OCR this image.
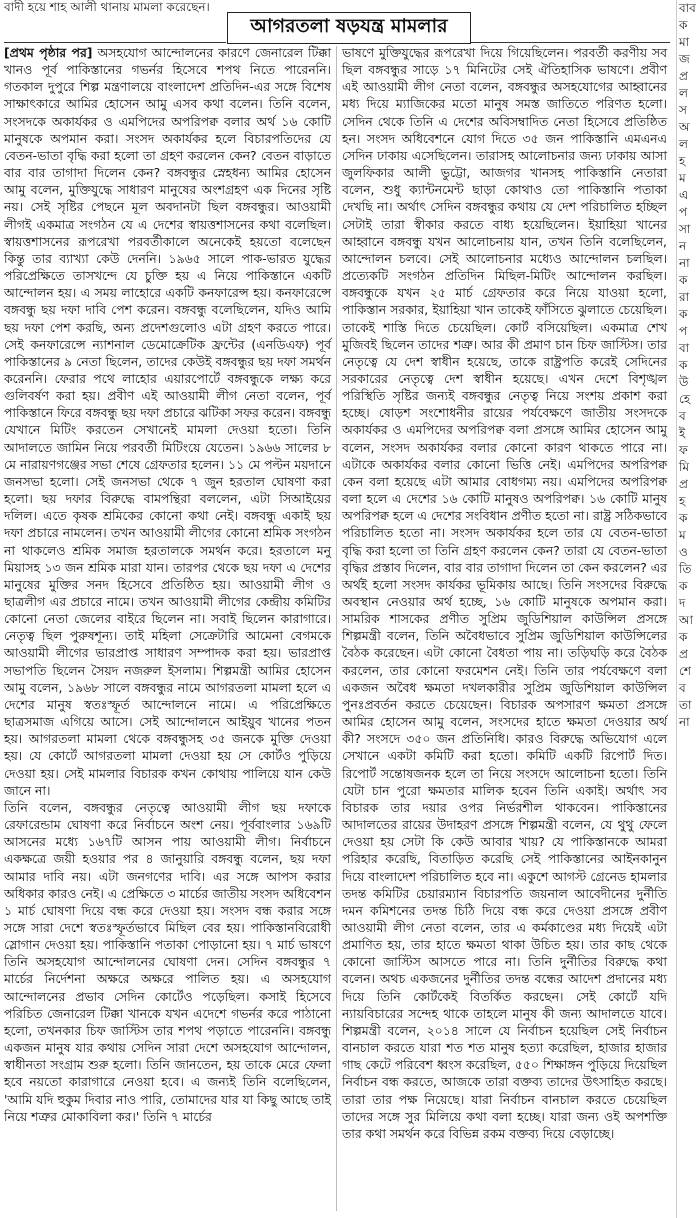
বাদী হয়ে শাহ আলী থানায় মামলা করেছেন।
আগরতলা ষড়যন্ত্র মামলার

[প্রথম পৃষ্ঠার পর] অসহযোগ আন্দোলনের কারণে জেনারেল টিক্কা খানও পূর্ব পাকিস্তানের গভর্নর হিসেবে শপথ নিতে পারেননি। গতকাল দুপুরে শিল্প মন্ত্রণালয়ে বাংলাদেশ প্রতিদিন-এর সঙ্গে বিশেষ সাক্ষাৎকারে আমির হোসেন আমু এসব কথা বলেন। তিনি বলেন, সংসদকে অকার্যকর ও এমপিদের অপরিপক্ব বলার অর্থ ১৬ কোটি মানুষকে অপমান করা। সংসদ অকার্যকর হলে বিচারপতিদের যে বেতন-ভাতা বৃদ্ধি করা হলো তা গ্রহণ করলেন কেন? বেতন বাড়াতে বার বার তাগাদা দিলেন কেন? বঙ্গবন্ধুর স্নেহধন্য আমির হোসেন আমু বলেন, মুক্তিযুদ্ধে সাধারণ মানুষের অংশগ্রহণ এক দিনের সৃষ্টি নয়। সেই সৃষ্টির পেছনে মূল অবদানটা ছিল বঙ্গবন্ধুর। আওয়ামী লীগই একমাত্র সংগঠন যে এ দেশের স্বায়ত্তশাসনের কথা বলেছিল। স্বায়ত্তশাসনের রূপরেখা পরবর্তীকালে অনেকেই হয়তো বলেছেন কিন্তু তার ব্যাখ্যা কেউ দেননি। ১৯৬৫ সালে পাক-ভারত যুদ্ধের পরিপ্রেক্ষিতে তাসখন্দে যে চুক্তি হয় এ নিয়ে পাকিস্তানে একটি আন্দোলন হয়। এ সময় লাহোরে একটি কনফারেন্স হয়। কনফারেন্সে বঙ্গবন্ধু ছয় দফা দাবি পেশ করেন। বঙ্গবন্ধু বলেছিলেন, যদিও আমি ছয় দফা পেশ করছি, অন্য প্রদেশগুলোও এটা গ্রহণ করতে পারে। সেই কনফারেন্সে ন্যাশনাল ডেমোক্রেটিক ফ্রন্টের (এনডিএফ) পূর্ব পাকিস্তানের ৯ নেতা ছিলেন, তাদের কেউই বঙ্গবন্ধুর ছয় দফা সমর্থন করেননি। ফেরার পথে লাহোর এয়ারপোর্টে বঙ্গবন্ধুকে লক্ষ্য করে গুলিবর্ষণ করা হয়। প্রবীণ এই আওয়ামী লীগ নেতা বলেন, পূর্ব পাকিস্তানে ফিরে বঙ্গবন্ধু ছয় দফা প্রচারে ঝটিকা সফর করেন। বঙ্গবন্ধু যেখানে মিটিং করতেন সেখানেই মামলা দেওয়া হতো। তিনি আদালতে জামিন নিয়ে পরবর্তী মিটিংয়ে যেতেন। ১৯৬৬ সালের ৮ মে নারায়ণগঞ্জের সভা শেষে গ্রেফতার হলেন। ১১ মে পল্টন ময়দানে জনসভা হলো। সেই জনসভা থেকে ৭ জুন হরতাল ঘোষণা করা হলো। ছয় দফার বিরুদ্ধে বামপন্থিরা বললেন, এটা সিআইয়ের দলিল। এতে কৃষক শ্রমিকের কোনো কথা নেই। বঙ্গবন্ধু একাই ছয় দফা প্রচারে নামলেন। তখন আওয়ামী লীগের কোনো শ্রমিক সংগঠন না থাকলেও শ্রমিক সমাজ হরতালকে সমর্থন করে। হরতালে মনু মিয়াসহ ১৩ জন শ্রমিক মারা যান। তারপর থেকে ছয় দফা এ দেশের মানুষের মুক্তির সনদ হিসেবে প্রতিষ্ঠিত হয়। আওয়ামী লীগ ও ছাত্রলীগ এর প্রচারে নামে। তখন আওয়ামী লীগের কেন্দ্রীয় কমিটির কোনো নেতা জেলের বাইরে ছিলেন না। সবাই ছিলেন কারাগারে। নেতৃত্ব ছিল পুরুষশূন্য। তাই মহিলা সেক্রেটারি আমেনা বেগমকে আওয়ামী লীগের ভারপ্রাপ্ত সাধারণ সম্পাদক করা হয়। ভারপ্রাপ্ত সভাপতি ছিলেন সৈয়দ নজরুল ইসলাম। শিল্পমন্ত্রী আমির হোসেন আমু বলেন, ১৯৬৮ সালে বঙ্গবন্ধুর নামে আগরতলা মামলা হলে এ দেশের মানুষ স্বতঃস্ফূর্ত আন্দোলনে নামে। এ পরিপ্রেক্ষিতে ছাত্রসমাজ এগিয়ে আসে। সেই আন্দোলনে আইয়ুব খানের পতন হয়। আগরতলা মামলা থেকে বঙ্গবন্ধুসহ ৩৫ জনকে মুক্তি দেওয়া হয়। যে কোর্টে আগরতলা মামলা দেওয়া হয় সে কোর্টও পুড়িয়ে দেওয়া হয়। সেই মামলার বিচারক কখন কোথায় পালিয়ে যান কেউ জানে না।

তিনি বলেন, বঙ্গবন্ধুর নেতৃত্বে আওয়ামী লীগ ছয় দফাকে রেফারেন্ডাম ঘোষণা করে নির্বাচনে অংশ নেয়। পূর্ববাংলার ১৬৯টি আসনের মধ্যে ১৬৭টি আসন পায় আওয়ামী লীগ। নির্বাচনে একক্ষত্রে জয়ী হওয়ার পর ৪ জানুয়ারি বঙ্গবন্ধু বলেন, ছয় দফা আমার দাবি নয়। এটা জনগণের দাবি। এর সঙ্গে আপস করার অধিকার কারও নেই। এ প্রেক্ষিতে ৩ মার্চের জাতীয় সংসদ অধিবেশন ১ মার্চ ঘোষণা দিয়ে বন্ধ করে দেওয়া হয়। সংসদ বন্ধ করার সঙ্গে সঙ্গে সারা দেশে স্বতঃস্ফূর্তভাবে মিছিল বের হয়। পাকিস্তানবিরোধী স্লোগান দেওয়া হয়। পাকিস্তানি পতাকা পোড়ানো হয়। ৭ মার্চ ভাষণে তিনি অসহযোগ আন্দোলনের ঘোষণা দেন। সেদিন বঙ্গবন্ধুর ৭ মার্চের নির্দেশনা অক্ষরে অক্ষরে পালিত হয়। এ অসহযোগ আন্দোলনের প্রভাব সেদিন কোর্টেও পড়েছিল। কসাই হিসেবে পরিচিত জেনারেল টিক্কা খানকে যখন এদেশে গভর্নর করে পাঠানো হলো, তখনকার চিফ জাস্টিস তার শপথ পড়াতে পারেননি। বঙ্গবন্ধু একজন মানুষ যার কথায় সেদিন সারা দেশে অসহযোগ আন্দোলন, স্বাধীনতা সংগ্রাম শুরু হলো। তিনি জানতেন, হয় তাকে মেরে ফেলা হবে নয়তো কারাগারে নেওয়া হবে। এ জন্যই তিনি বলেছিলেন, 'আমি যদি হুকুম দিবার নাও পারি, তোমাদের যার যা কিছু আছে তাই নিয়ে শত্রুর মোকাবিলা কর।' তিনি ৭ মার্চের

ভাষণে মুক্তিযুদ্ধের রূপরেখা দিয়ে গিয়েছিলেন। পরবর্তী করণীয় সব ছিল বঙ্গবন্ধুর সাড়ে ১৭ মিনিটের সেই ঐতিহাসিক ভাষণে। প্রবীণ এই আওয়ামী লীগ নেতা বলেন, বঙ্গবন্ধুর অসহযোগের আহ্বানের মধ্য দিয়ে ম্যাজিকের মতো মানুষ সমস্ত জাতিতে পরিণত হলো। সেদিন থেকে তিনি এ দেশের অবিসম্বাদিত নেতা হিসেবে প্রতিষ্ঠিত হন। সংসদ অধিবেশনে যোগ দিতে ৩৫ জন পাকিস্তানি এমএনএ সেদিন ঢাকায় এসেছিলেন। তারাসহ আলোচনার জন্য ঢাকায় আসা জুলফিকার আলী ভুট্টো, আজগর খানসহ পাকিস্তানি নেতারা বলেন, শুধু ক্যান্টনমেন্ট ছাড়া কোথাও তো পাকিস্তানি পতাকা দেখছি না। অর্থাৎ সেদিন বঙ্গবন্ধুর কথায় যে দেশ পরিচালিত হচ্ছিল সেটাই তারা স্বীকার করতে বাধ্য হয়েছিলেন। ইয়াহিয়া খানের আহ্বানে বঙ্গবন্ধু যখন আলোচনায় যান, তখন তিনি বলেছিলেন, আন্দোলন চলবে। সেই আলোচনার মধ্যেও আন্দোলন চলছিল। প্রত্যেকটি সংগঠন প্রতিদিন মিছিল-মিটিং আন্দোলন করছিল। বঙ্গবন্ধুকে যখন ২৫ মার্চ গ্রেফতার করে নিয়ে যাওয়া হলো, পাকিস্তান সরকার, ইয়াহিয়া খান তাকেই ফাঁসিতে ঝুলাতে চেয়েছিল। তাকেই শাস্তি দিতে চেয়েছিল। কোর্ট বসিয়েছিল। একমাত্র শেখ মুজিবই ছিলেন তাদের শত্রু। আর কী প্রমাণ চান চিফ জাস্টিস। তার নেতৃত্বে যে দেশ স্বাধীন হয়েছে, তাকে রাষ্ট্রপতি করেই সেদিনের সরকারের নেতৃত্বে দেশ স্বাধীন হয়েছে। এখন দেশে বিশৃঙ্খল পরিস্থিতি সৃষ্টির জন্যই বঙ্গবন্ধুর নেতৃত্ব নিয়ে সংশয় প্রকাশ করা হচ্ছে। ষোড়শ সংশোধনীর রায়ের পর্যবেক্ষণে জাতীয় সংসদকে অকার্যকর ও এমপিদের অপরিপক্ব বলা প্রসঙ্গে আমির হোসেন আমু বলেন, সংসদ অকার্যকর বলার কোনো কারণ থাকতে পারে না। এটাকে অকার্যকর বলার কোনো ভিত্তি নেই। এমপিদের অপরিপক্ব কেন বলা হয়েছে এটা আমার বোধগম্য নয়। এমপিদের অপরিপক্ব বলা হলে এ দেশের ১৬ কোটি মানুষও অপরিপক্ব। ১৬ কোটি মানুষ অপরিপক্ব হলে এ দেশের সংবিধান প্রণীত হতো না। রাষ্ট্র সঠিকভাবে পরিচালিত হতো না। সংসদ অকার্যকর হলে তার যে বেতন-ভাতা বৃদ্ধি করা হলো তা তিনি গ্রহণ করলেন কেন? তারা যে বেতন-ভাতা বৃদ্ধির প্রস্তাব দিলেন, বার বার তাগাদা দিলেন তা কেন করলেন? এর অর্থই হলো সংসদ কার্যকর ভূমিকায় আছে। তিনি সংসদের বিরুদ্ধে অবস্থান নেওয়ার অর্থ হচ্ছে, ১৬ কোটি মানুষকে অপমান করা। সামরিক শাসকের প্রণীত সুপ্রিম জুডিশিয়াল কাউন্সিল প্রসঙ্গে শিল্পমন্ত্রী বলেন, তিনি অবৈধভাবে সুপ্রিম জুডিশিয়াল কাউন্সিলের বৈঠক করেছেন। এটা কোনো বৈধতা পায় না। তড়িঘড়ি করে বৈঠক করলেন, তার কোনো ফরমেশন নেই। তিনি তার পর্যবেক্ষণে বলা একজন অবৈধ ক্ষমতা দখলকারীর সুপ্রিম জুডিশিয়াল কাউন্সিল পুনঃপ্রবর্তন করতে চেয়েছেন। বিচারক অপসারণ ক্ষমতা প্রসঙ্গে আমির হোসেন আমু বলেন, সংসদের হাতে ক্ষমতা দেওয়ার অর্থ কী? সংসদে ৩৫০ জন প্রতিনিধি। কারও বিরুদ্ধে অভিযোগ এলে সেখানে একটা কমিটি করা হতো। কমিটি একটি রিপোর্ট দিত। রিপোর্ট সন্তোষজনক হলে তা নিয়ে সংসদে আলোচনা হতো। তিনি যেটা চান পুরো ক্ষমতার মালিক হবেন তিনি একাই। অর্থাৎ সব বিচারক তার দয়ার ওপর নির্ভরশীল থাকবেন। পাকিস্তানের আদালতের রায়ের উদাহরণ প্রসঙ্গে শিল্পমন্ত্রী বলেন, যে থুথু ফেলে দেওয়া হয় সেটা কি কেউ আবার খায়? যে পাকিস্তানকে আমরা পরিহার করেছি, বিতাড়িত করেছি সেই পাকিস্তানের আইনকানুন দিয়ে বাংলাদেশ পরিচালিত হবে না। একুশে আগস্ট গ্রেনেড হামলার তদন্ত কমিটির চেয়ারম্যান বিচারপতি জয়নাল আবেদীনের দুর্নীতি দমন কমিশনের তদন্ত চিঠি দিয়ে বন্ধ করে দেওয়া প্রসঙ্গে প্রবীণ আওয়ামী লীগ নেতা বলেন, তার এ কর্মকাণ্ডের মধ্য দিয়েই এটা প্রমাণিত হয়, তার হাতে ক্ষমতা থাকা উচিত হয়। তার কাছ থেকে কোনো জাস্টিস আসতে পারে না। তিনি দুর্নীতির বিরুদ্ধে কথা বলেন। অথচ একজনের দুর্নীতির তদন্ত বন্ধের আদেশ প্রদানের মধ্য দিয়ে তিনি কোর্টকেই বিতর্কিত করছেন। সেই কোর্টে যদি ন্যায়বিচারের সন্দেহ থাকে তাহলে মানুষ কী জন্য আদালতে যাবে। শিল্পমন্ত্রী বলেন, ২০১৪ সালে যে নির্বাচন হয়েছিল সেই নির্বাচন বানচাল করতে যারা শত শত মানুষ হত্যা করেছিল, হাজার হাজার গাছ কেটে পরিবেশ ধ্বংস করেছিল, ৫৫০ শিক্ষাঙ্গন পুড়িয়ে দিয়েছিল নির্বাচন বন্ধ করতে, আজকে তারা বক্তব্য তাদের উৎসাহিত করছে। তারা তার পক্ষ নিয়েছে। যারা নির্বাচন বানচাল করতে চেয়েছিল তাদের সঙ্গে সুর মিলিয়ে কথা বলা হচ্ছে। যারা জন্য ওই অপশক্তি তার কথা সমর্থন করে বিভিন্ন রকম বক্তব্য দিয়ে বেড়াচ্ছে।

বাব ক মা জ প্র ল স অ ল হ ম এ প সা ন না ক রা ক প বা ক উ হে ব ই ফ মি প্র হ ক ম ও তি ক দ আ ক প্র শে ব তা না
